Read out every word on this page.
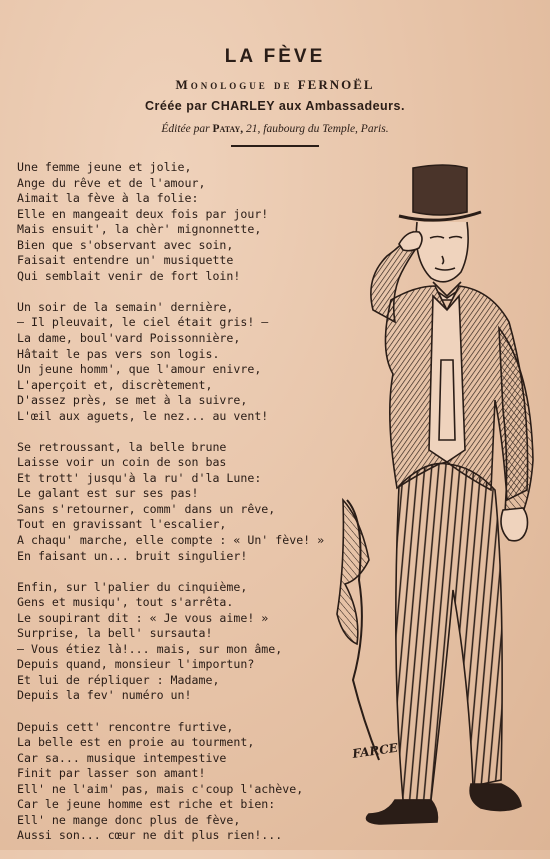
LA FÈVE
Monologue de FERNOËL
Créée par CHARLEY aux Ambassadeurs.
Éditée par Patay, 21, faubourg du Temple, Paris.
Une femme jeune et jolie,
Ange du rêve et de l'amour,
Aimait la fève à la folie:
Elle en mangeait deux fois par jour!
Mais ensuit', la chèr' mignonnette,
Bien que s'observant avec soin,
Faisait entendre un' musiquette
Qui semblait venir de fort loin!
Un soir de la semain' dernière,
— Il pleuvait, le ciel était gris! —
La dame, boul'vard Poissonnière,
Hâtait le pas vers son logis.
Un jeune homm', que l'amour enivre,
L'aperçoit et, discrètement,
D'assez près, se met à la suivre,
L'œil aux aguets, le nez... au vent!
Se retroussant, la belle brune
Laisse voir un coin de son bas
Et trott' jusqu'à la ru' d'la Lune:
Le galant est sur ses pas!
Sans s'retourner, comm' dans un rêve,
Tout en gravissant l'escalier,
A chaqu' marche, elle compte : « Un' fève! »
En faisant un... bruit singulier!
Enfin, sur l'palier du cinquième,
Gens et musiqu', tout s'arrêta.
Le soupirant dit : « Je vous aime! »
Surprise, la bell' sursauta!
— Vous étiez là!... mais, sur mon âme,
Depuis quand, monsieur l'importun?
Et lui de répliquer : Madame,
Depuis la fev' numéro un!
Depuis cett' rencontre furtive,
La belle est en proie au tourment,
Car sa... musique intempestive
Finit par lasser son amant!
Ell' ne l'aim' pas, mais c'coup l'achève,
Car le jeune homme est riche et bien:
Ell' ne mange donc plus de fève,
Aussi son... cœur ne dit plus rien!...
FARCE
